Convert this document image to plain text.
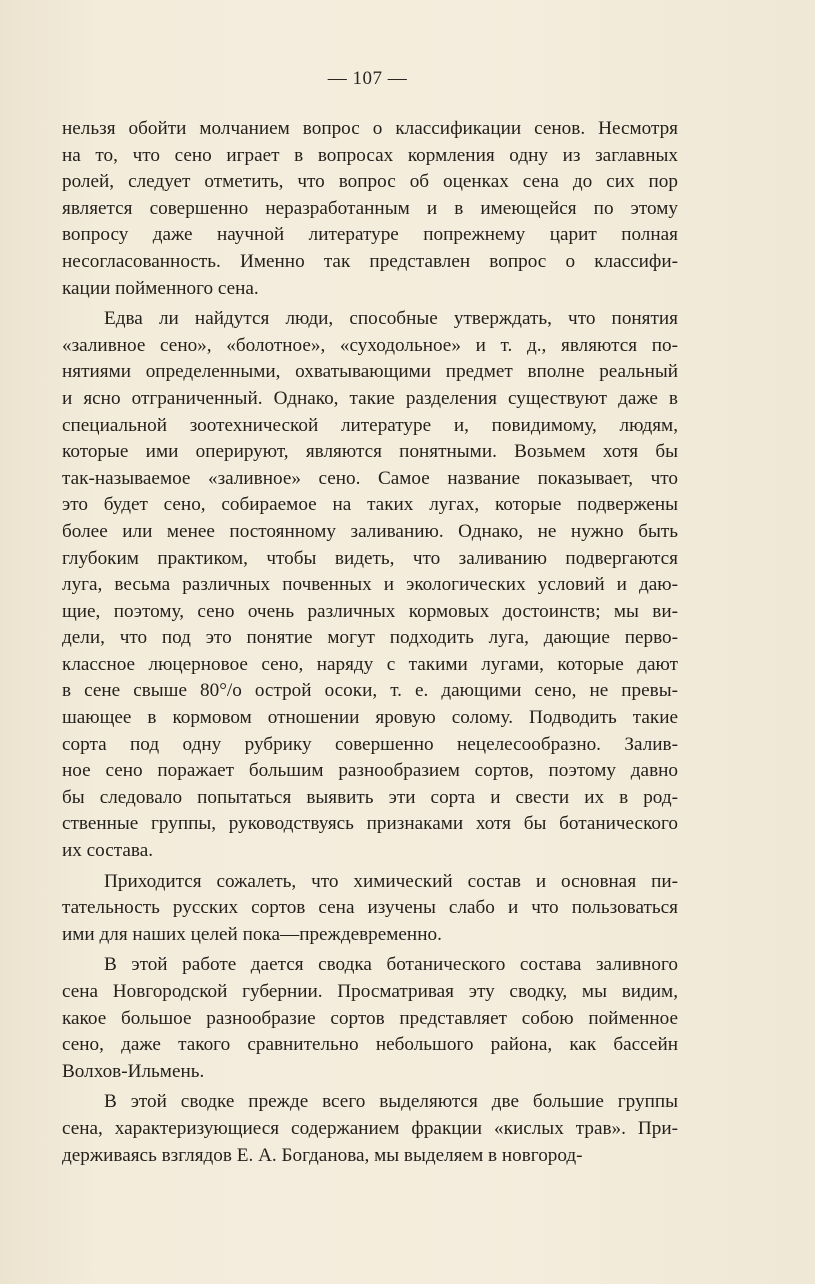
— 107 —
нельзя обойти молчанием вопрос о классификации сенов. Несмотря
на то, что сено играет в вопросах кормления одну из заглавных
ролей, следует отметить, что вопрос об оценках сена до сих пор
является совершенно неразработанным и в имеющейся по этому
вопросу даже научной литературе попрежнему царит полная
несогласованность. Именно так представлен вопрос о классифи-
кации пойменного сена.
Едва ли найдутся люди, способные утверждать, что понятия
«заливное сено», «болотное», «суходольное» и т. д., являются по-
нятиями определенными, охватывающими предмет вполне реальный
и ясно отграниченный. Однако, такие разделения существуют даже в
специальной зоотехнической литературе и, повидимому, людям,
которые ими оперируют, являются понятными. Возьмем хотя бы
так-называемое «заливное» сено. Самое название показывает, что
это будет сено, собираемое на таких лугах, которые подвержены
более или менее постоянному заливанию. Однако, не нужно быть
глубоким практиком, чтобы видеть, что заливанию подвергаются
луга, весьма различных почвенных и экологических условий и даю-
щие, поэтому, сено очень различных кормовых достоинств; мы ви-
дели, что под это понятие могут подходить луга, дающие перво-
классное люцерновое сено, наряду с такими лугами, которые дают
в сене свыше 80°/o острой осоки, т. е. дающими сено, не превы-
шающее в кормовом отношении яровую солому. Подводить такие
сорта под одну рубрику совершенно нецелесообразно. Залив-
ное сено поражает большим разнообразием сортов, поэтому давно
бы следовало попытаться выявить эти сорта и свести их в род-
ственные группы, руководствуясь признаками хотя бы ботанического
их состава.
Приходится сожалеть, что химический состав и основная пи-
тательность русских сортов сена изучены слабо и что пользоваться
ими для наших целей пока—преждевременно.
В этой работе дается сводка ботанического состава заливного
сена Новгородской губернии. Просматривая эту сводку, мы видим,
какое большое разнообразие сортов представляет собою пойменное
сено, даже такого сравнительно небольшого района, как бассейн
Волхов-Ильмень.
В этой сводке прежде всего выделяются две большие группы
сена, характеризующиеся содержанием фракции «кислых трав». При-
держиваясь взглядов Е. А. Богданова, мы выделяем в новгород-
